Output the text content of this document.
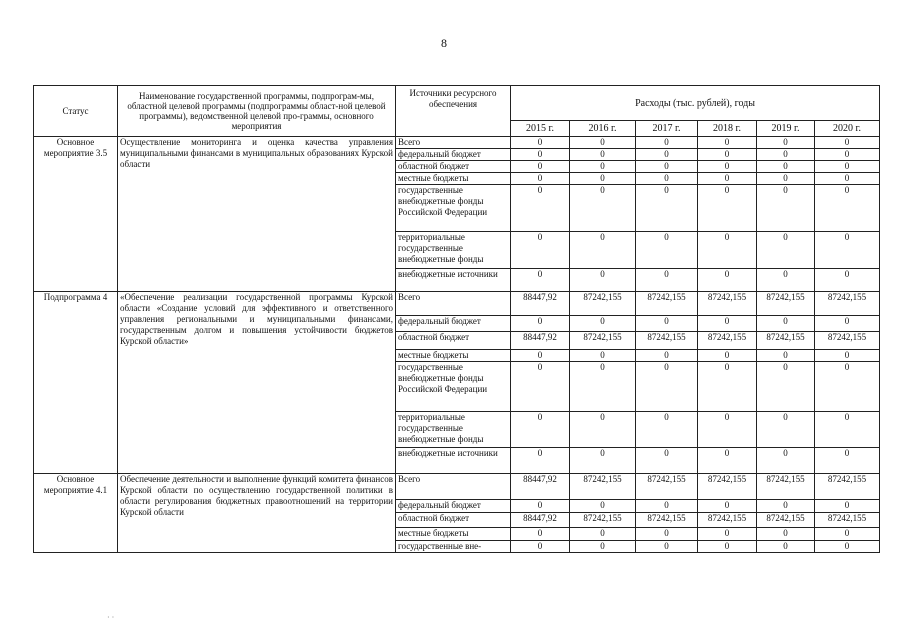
8
Статус	Наименование государственной программы, подпрограм-мы, областной целевой программы (подпрограммы област-ной целевой программы), ведомственной целевой про-граммы, основного мероприятия	Источники ресурсного обеспечения	Расходы (тыс. рублей), годы					
			2015 г.	2016 г.	2017 г.	2018 г.	2019 г.	2020 г.
Основное мероприятие 3.5	Осуществление мониторинга и оценка качества управления муниципальными финансами в муниципальных образованиях Курской области	Всего	0	0	0	0	0	0
		федеральный бюджет	0	0	0	0	0	0
		областной бюджет	0	0	0	0	0	0
		местные бюджеты	0	0	0	0	0	0
		государственные внебюджетные фонды Российской Федерации	0	0	0	0	0	0
		территориальные государственные внебюджетные фонды	0	0	0	0	0	0
		внебюджетные источники	0	0	0	0	0	0
Подпрограмма 4	«Обеспечение реализации государственной программы Курской области «Создание условий для эффективного и ответственного управления региональными и муниципальными финансами, государственным долгом и повышения устойчивости бюджетов Курской области»	Всего	88447,92	87242,155	87242,155	87242,155	87242,155	87242,155
		федеральный бюджет	0	0	0	0	0	0
		областной бюджет	88447,92	87242,155	87242,155	87242,155	87242,155	87242,155
		местные бюджеты	0	0	0	0	0	0
		государственные внебюджетные фонды Российской Федерации	0	0	0	0	0	0
		территориальные государственные внебюджетные фонды	0	0	0	0	0	0
		внебюджетные источники	0	0	0	0	0	0
Основное мероприятие 4.1	Обеспечение деятельности и выполнение функций комитета финансов Курской области по осуществлению государственной политики в области регулирования бюджетных правоотношений на территории Курской области	Всего	88447,92	87242,155	87242,155	87242,155	87242,155	87242,155
		федеральный бюджет	0	0	0	0	0	0
		областной бюджет	88447,92	87242,155	87242,155	87242,155	87242,155	87242,155
		местные бюджеты	0	0	0	0	0	0
		государственные вне-	0	0	0	0	0	0
· ·
